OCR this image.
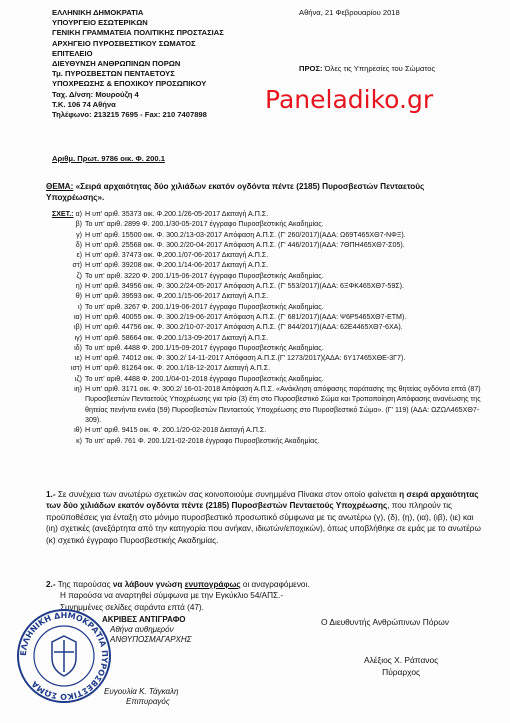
ΕΛΛΗΝΙΚΗ ΔΗΜΟΚΡΑΤΙΑ
ΥΠΟΥΡΓΕΙΟ ΕΣΩΤΕΡΙΚΩΝ
ΓΕΝΙΚΗ ΓΡΑΜΜΑΤΕΙΑ ΠΟΛΙΤΙΚΗΣ ΠΡΟΣΤΑΣΙΑΣ
ΑΡΧΗΓΕΙΟ ΠΥΡΟΣΒΕΣΤΙΚΟΥ ΣΩΜΑΤΟΣ
ΕΠΙΤΕΛΕΙΟ
ΔΙΕΥΘΥΝΣΗ ΑΝΘΡΩΠΙΝΩΝ ΠΟΡΩΝ
Τμ. ΠΥΡΟΣΒΕΣΤΩΝ ΠΕΝΤΑΕΤΟΥΣ
ΥΠΟΧΡΕΩΣΗΣ & ΕΠΟΧΙΚΟΥ ΠΡΟΣΩΠΙΚΟΥ
Ταχ. Δ/νση: Μουρούζη 4
Τ.Κ. 106 74 Αθήνα
Τηλέφωνο: 213215 7695 - Fax: 210 7407898
Αθήνα, 21 Φεβρουαρίου 2018
ΠΡΟΣ: Όλες τις Υπηρεσίες του Σώματος
Paneladiko.gr
Αριθμ. Πρωτ. 9786 οικ. Φ. 200.1
ΘΕΜΑ: «Σειρά αρχαιότητας δύο χιλιάδων εκατόν ογδόντα πέντε (2185) Πυροσβεστών Πενταετούς Υποχρέωσης».
ΣΧΕΤ.: α) Η υπ' αριθ. 35373 οικ. Φ.200.1/26-05-2017 Διαταγή Α.Π.Σ.
β) Το υπ' αριθ. 2899 Φ. 200.1/30-05-2017 έγγραφο Πυροσβεστικής Ακαδημίας.
γ) Η υπ' αριθ. 15500 οικ. Φ. 300.2/13-03-2017 Απόφαση Α.Π.Σ. (Γ' 260/2017)(ΑΔΑ: Ω69Τ465ΧΘ7-ΝΦΞ).
δ) Η υπ' αριθ. 25568 οικ. Φ. 300.2/20-04-2017 Απόφαση Α.Π.Σ. (Γ' 446/2017)(ΑΔΑ: 7ΘΠΗ465ΧΘ7-Σ05).
ε) Η υπ' αριθ. 37473 οικ. Φ.200.1/07-06-2017 Διαταγή Α.Π.Σ.
στ) Η υπ' αριθ. 39208 οικ. Φ.200.1/14-06-2017 Διαταγή Α.Π.Σ.
ζ) Το υπ' αριθ. 3220 Φ. 200.1/15-06-2017 έγγραφο Πυροσβεστικής Ακαδημίας.
η) Η υπ' αριθ. 34956 οικ. Φ. 300.2/24-05-2017 Απόφαση Α.Π.Σ. (Γ' 553/2017)(ΑΔΑ: 6ΞΦΚ465ΧΘ7-59Σ).
θ) Η υπ' αριθ. 39593 οικ. Φ.200.1/15-06-2017 Διαταγή Α.Π.Σ.
ι) Το υπ' αριθ. 3267 Φ. 200.1/19-06-2017 έγγραφο Πυροσβεστικής Ακαδημίας.
ια) Η υπ' αριθ. 40055 οικ. Φ. 300.2/19-06-2017 Απόφαση Α.Π.Σ. (Γ' 681/2017)(ΑΔΑ: Ψ6Ρ5465ΧΘ7-ΕΤΜ).
ιβ) Η υπ' αριθ. 44756 οικ. Φ. 300.2/10-07-2017 Απόφαση Α.Π.Σ. (Γ' 844/2017)(ΑΔΑ: 62Ε4465ΧΘ7-6ΧΑ).
ιγ) Η υπ' αριθ. 58664 οικ. Φ.200.1/13-09-2017 Διαταγή Α.Π.Σ.
ιδ) Το υπ' αριθ. 4488 Φ. 200.1/15-09-2017 έγγραφο Πυροσβεστικής Ακαδημίας.
ιε) Η υπ' αριθ. 74012 οικ. Φ. 300.2/ 14-11-2017 Απόφαση Α.Π.Σ.(Γ' 1273/2017)(ΑΔΑ: 6Υ17465ΧΘΕ-3Γ7).
ιστ) Η υπ' αριθ. 81264 οικ. Φ. 200.1/18-12-2017 Διαταγή Α.Π.Σ.
ιζ) Το υπ' αριθ. 4488 Φ. 200.1/04-01-2018 έγγραφο Πυροσβεστικής Ακαδημίας.
ιη) Η υπ' αριθ. 3171 οικ. Φ. 300.2/ 16-01-2018 Απόφαση Α.Π.Σ. «Ανάκληση απόφασης παράτασης της θητείας ογδόντα επτά (87) Πυροσβεστών Πενταετούς Υποχρέωσης για τρία (3) έτη στο Πυροσβεστικό Σώμα και Τροποποίηση Απόφασης ανανέωσης της θητείας πενήντα εννέα (59) Πυροσβεστών Πενταετούς Υποχρέωσης στο Πυροσβεστικό Σώμα». (Γ' 119) (ΑΔΑ: ΩΖΩΛ465ΧΘ7-309).
ιθ) Η υπ' αριθ. 9415 οικ. Φ. 200.1/20-02-2018 Διαταγή Α.Π.Σ.
κ) Το υπ' αριθ. 761 Φ. 200.1/21-02-2018 έγγραφο Πυροσβεστικής Ακαδημίας.
1.- Σε συνέχεια των ανωτέρω σχετικών σας κοινοποιούμε συνημμένα Πίνακα στον οποίο φαίνεται η σειρά αρχαιότητας των δύο χιλιάδων εκατόν ογδόντα πέντε (2185) Πυροσβεστών Πενταετούς Υποχρέωσης, που πληρούν τις προϋποθέσεις για ένταξη στο μόνιμο πυροσβεστικό προσωπικό σύμφωνα με τις ανωτέρω (γ), (δ), (η), (ια), (ιβ), (ιε) και (ιη) σχετικές (ανεξάρτητα από την κατηγορία που ανήκαν, ιδιωτών/εποχικών), όπως υποβλήθηκε σε εμάς με το ανωτέρω (κ) σχετικό έγγραφο Πυροσβεστικής Ακαδημίας.
2.- Της παρούσας να λάβουν γνώση ενυπογράφως οι αναγραφόμενοι.
Η παρούσα να αναρτηθεί σύμφωνα με την Εγκύκλιο 54/ΑΠΣ.-
Συνημμένες σελίδες σαράντα επτά (47).
Ο Διευθυντής Ανθρώπινων Πόρων
Αλέξιος Χ. Ράπανος
Πύραρχος
ΕΛΛΗΝΙΚΗ ΔΗΜΟΚΡΑΤΙΑ ΠΥΡΟΣΒΕΣΤΙΚΟ ΣΩΜΑ
ΑΚΡΙΒΕΣ ΑΝΤΙΓΡΑΦΟ
Αθήνα αυθημερόν
ΑΝΘΥΠΟΣΜΑΓΑΡΧΗΣ
Ευγουλία Κ. Τάγκαλη
Επιπυραγός
